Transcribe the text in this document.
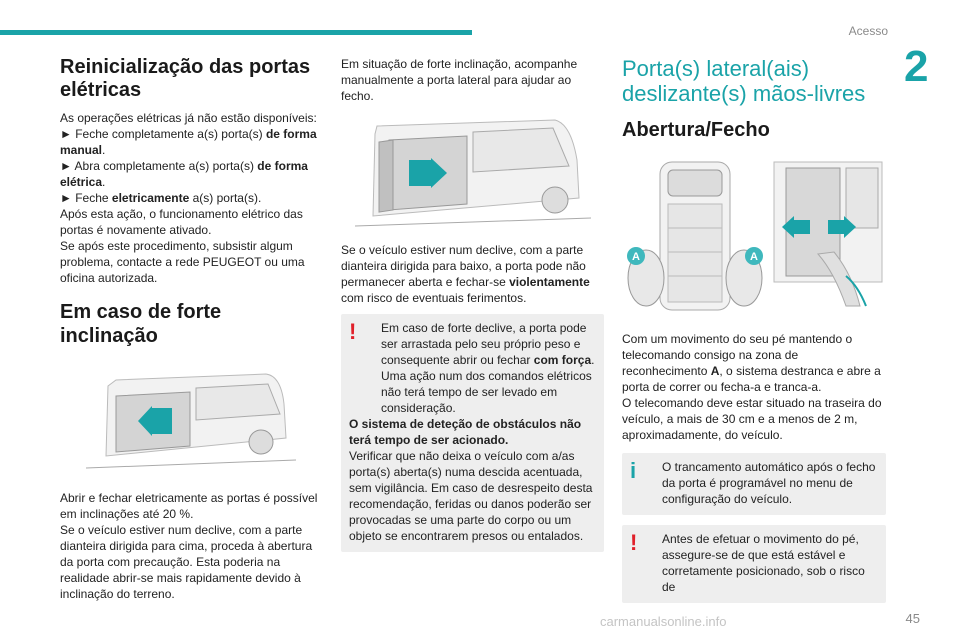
Acesso
2
Reinicialização das portas elétricas

As operações elétricas já não estão disponíveis:

► Feche completamente a(s) porta(s) de forma manual.

► Abra completamente a(s) porta(s) de forma elétrica.

► Feche eletricamente a(s) porta(s).

Após esta ação, o funcionamento elétrico das portas é novamente ativado.

Se após este procedimento, subsistir algum problema, contacte a rede PEUGEOT ou uma oficina autorizada.

Em caso de forte inclinação

Abrir e fechar eletricamente as portas é possível em inclinações até 20 %.

Se o veículo estiver num declive, com a parte dianteira dirigida para cima, proceda à abertura da porta com precaução. Esta poderia na realidade abrir-se mais rapidamente devido à inclinação do terreno.

Em situação de forte inclinação, acompanhe manualmente a porta lateral para ajudar ao fecho.

Se o veículo estiver num declive, com a parte dianteira dirigida para baixo, a porta pode não permanecer aberta e fechar-se violentamente com risco de eventuais ferimentos.

!	Em caso de forte declive, a porta pode ser arrastada pelo seu próprio peso e consequente abrir ou fechar com força. Uma ação num dos comandos elétricos não terá tempo de ser levado em consideração.

O sistema de deteção de obstáculos não terá tempo de ser acionado.

Verificar que não deixa o veículo com a/as porta(s) aberta(s) numa descida acentuada, sem vigilância. Em caso de desrespeito desta recomendação, feridas ou danos poderão ser provocadas se uma parte do corpo ou um objeto se encontrarem presos ou entalados.

Porta(s) lateral(ais) deslizante(s) mãos-livres
Abertura/Fecho
A	A

Com um movimento do seu pé mantendo o telecomando consigo na zona de reconhecimento A, o sistema destranca e abre a porta de correr ou fecha-a e tranca-a.

O telecomando deve estar situado na traseira do veículo, a mais de 30 cm e a menos de 2 m, aproximadamente, do veículo.

i	O trancamento automático após o fecho da porta é programável no menu de configuração do veículo.

!	Antes de efetuar o movimento do pé, assegure-se de que está estável e corretamente posicionado, sob o risco de

carmanualsonline.info	45
